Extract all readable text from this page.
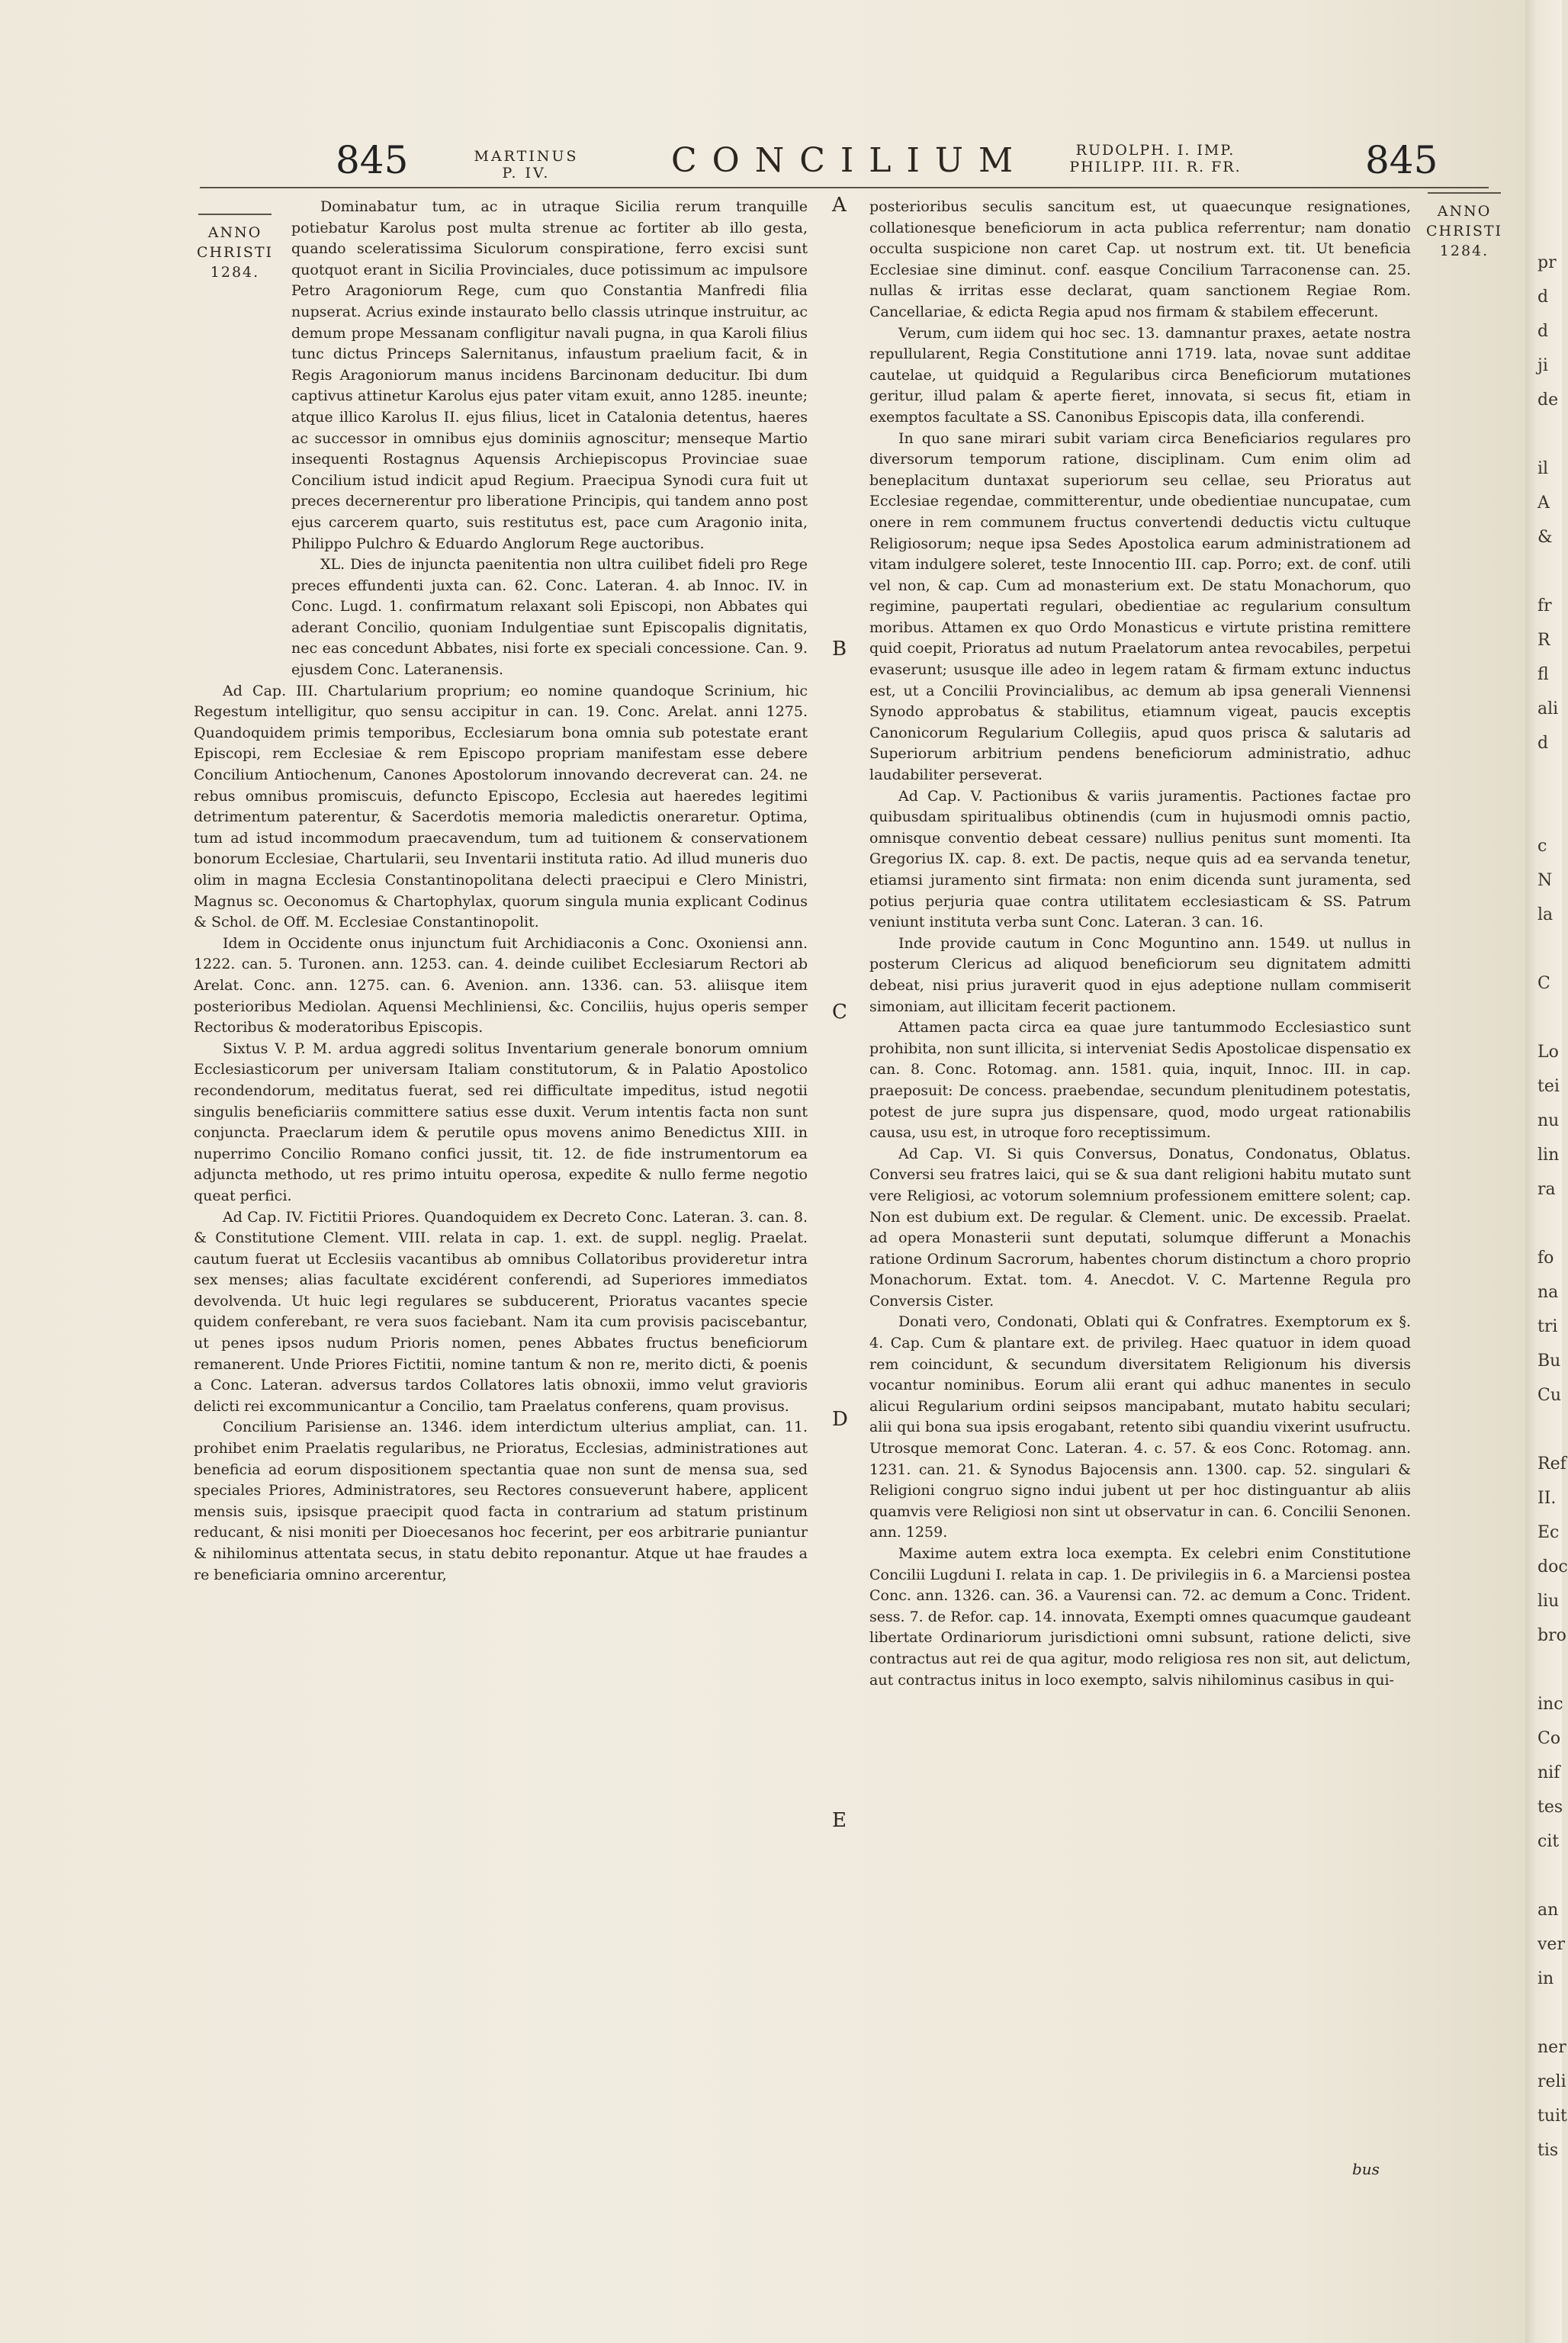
845	MARTINUS
P. IV.	CONCILIUM	RUDOLPH. I. IMP.
PHILIPP. III. R. FR.	845
ANNO
CHRISTI
1284.
ANNO
CHRISTI
1284.

Dominabatur tum, ac in utraque Sicilia rerum tranquille potiebatur Karolus post multa strenue ac fortiter ab illo gesta, quando sceleratissima Siculorum conspiratione, ferro excisi sunt quotquot erant in Sicilia Provinciales, duce potissimum ac impulsore Petro Aragoniorum Rege, cum quo Constantia Manfredi filia nupserat. Acrius exinde instaurato bello classis utrinque instruitur, ac demum prope Messanam confligitur navali pugna, in qua Karoli filius tunc dictus Princeps Salernitanus, infaustum praelium facit, & in Regis Aragoniorum manus incidens Barcinonam deducitur. Ibi dum captivus attinetur Karolus ejus pater vitam exuit, anno 1285. ineunte; atque illico Karolus II. ejus filius, licet in Catalonia detentus, haeres ac successor in omnibus ejus dominiis agnoscitur; menseque Martio insequenti Rostagnus Aquensis Archiepiscopus Provinciae suae Concilium istud indicit apud Regium. Praecipua Synodi cura fuit ut preces decernerentur pro liberatione Principis, qui tandem anno post ejus carcerem quarto, suis restitutus est, pace cum Aragonio inita, Philippo Pulchro & Eduardo Anglorum Rege auctoribus.

XL. Dies de injuncta paenitentia non ultra cuilibet fideli pro Rege preces effundenti juxta can. 62. Conc. Lateran. 4. ab Innoc. IV. in Conc. Lugd. 1. confirmatum relaxant soli Episcopi, non Abbates qui aderant Concilio, quoniam Indulgentiae sunt Episcopalis dignitatis, nec eas concedunt Abbates, nisi forte ex speciali concessione. Can. 9. ejusdem Conc. Lateranensis.

Ad Cap. III. Chartularium proprium; eo nomine quandoque Scrinium, hic Regestum intelligitur, quo sensu accipitur in can. 19. Conc. Arelat. anni 1275. Quandoquidem primis temporibus, Ecclesiarum bona omnia sub potestate erant Episcopi, rem Ecclesiae & rem Episcopo propriam manifestam esse debere Concilium Antiochenum, Canones Apostolorum innovando decreverat can. 24. ne rebus omnibus promiscuis, defuncto Episcopo, Ecclesia aut haeredes legitimi detrimentum paterentur, & Sacerdotis memoria maledictis oneraretur. Optima, tum ad istud incommodum praecavendum, tum ad tuitionem & conservationem bonorum Ecclesiae, Chartularii, seu Inventarii instituta ratio. Ad illud muneris duo olim in magna Ecclesia Constantinopolitana delecti praecipui e Clero Ministri, Magnus sc. Oeconomus & Chartophylax, quorum singula munia explicant Codinus & Schol. de Off. M. Ecclesiae Constantinopolit.

Idem in Occidente onus injunctum fuit Archidiaconis a Conc. Oxoniensi ann. 1222. can. 5. Turonen. ann. 1253. can. 4. deinde cuilibet Ecclesiarum Rectori ab Arelat. Conc. ann. 1275. can. 6. Avenion. ann. 1336. can. 53. aliisque item posterioribus Mediolan. Aquensi Mechliniensi, &c. Conciliis, hujus operis semper Rectoribus & moderatoribus Episcopis.

Sixtus V. P. M. ardua aggredi solitus Inventarium generale bonorum omnium Ecclesiasticorum per universam Italiam constitutorum, & in Palatio Apostolico recondendorum, meditatus fuerat, sed rei difficultate impeditus, istud negotii singulis beneficiariis committere satius esse duxit. Verum intentis facta non sunt conjuncta. Praeclarum idem & perutile opus movens animo Benedictus XIII. in nuperrimo Concilio Romano confici jussit, tit. 12. de fide instrumentorum ea adjuncta methodo, ut res primo intuitu operosa, expedite & nullo ferme negotio queat perfici.

Ad Cap. IV. Fictitii Priores. Quandoquidem ex Decreto Conc. Lateran. 3. can. 8. & Constitutione Clement. VIII. relata in cap. 1. ext. de suppl. neglig. Praelat. cautum fuerat ut Ecclesiis vacantibus ab omnibus Collatoribus provideretur intra sex menses; alias facultate excidérent conferendi, ad Superiores immediatos devolvenda. Ut huic legi regulares se subducerent, Prioratus vacantes specie quidem conferebant, re vera suos faciebant. Nam ita cum provisis paciscebantur, ut penes ipsos nudum Prioris nomen, penes Abbates fructus beneficiorum remanerent. Unde Priores Fictitii, nomine tantum & non re, merito dicti, & poenis a Conc. Lateran. adversus tardos Collatores latis obnoxii, immo velut gravioris delicti rei excommunicantur a Concilio, tam Praelatus conferens, quam provisus.

Concilium Parisiense an. 1346. idem interdictum ulterius ampliat, can. 11. prohibet enim Praelatis regularibus, ne Prioratus, Ecclesias, administrationes aut beneficia ad eorum dispositionem spectantia quae non sunt de mensa sua, sed speciales Priores, Administratores, seu Rectores consueverunt habere, applicent mensis suis, ipsisque praecipit quod facta in contrarium ad statum pristinum reducant, & nisi moniti per Dioecesanos hoc fecerint, per eos arbitrarie puniantur & nihilominus attentata secus, in statu debito reponantur. Atque ut hae fraudes a re beneficiaria omnino arcerentur,

A
B
C
D
E

posterioribus seculis sancitum est, ut quaecunque resignationes, collationesque beneficiorum in acta publica referrentur; nam donatio occulta suspicione non caret Cap. ut nostrum ext. tit. Ut beneficia Ecclesiae sine diminut. conf. easque Concilium Tarraconense can. 25. nullas & irritas esse declarat, quam sanctionem Regiae Rom. Cancellariae, & edicta Regia apud nos firmam & stabilem effecerunt.

Verum, cum iidem qui hoc sec. 13. damnantur praxes, aetate nostra repullularent, Regia Constitutione anni 1719. lata, novae sunt additae cautelae, ut quidquid a Regularibus circa Beneficiorum mutationes geritur, illud palam & aperte fieret, innovata, si secus fit, etiam in exemptos facultate a SS. Canonibus Episcopis data, illa conferendi.

In quo sane mirari subit variam circa Beneficiarios regulares pro diversorum temporum ratione, disciplinam. Cum enim olim ad beneplacitum duntaxat superiorum seu cellae, seu Prioratus aut Ecclesiae regendae, committerentur, unde obedientiae nuncupatae, cum onere in rem communem fructus convertendi deductis victu cultuque Religiosorum; neque ipsa Sedes Apostolica earum administrationem ad vitam indulgere soleret, teste Innocentio III. cap. Porro; ext. de conf. utili vel non, & cap. Cum ad monasterium ext. De statu Monachorum, quo regimine, paupertati regulari, obedientiae ac regularium consultum moribus. Attamen ex quo Ordo Monasticus e virtute pristina remittere quid coepit, Prioratus ad nutum Praelatorum antea revocabiles, perpetui evaserunt; ususque ille adeo in legem ratam & firmam extunc inductus est, ut a Concilii Provincialibus, ac demum ab ipsa generali Viennensi Synodo approbatus & stabilitus, etiamnum vigeat, paucis exceptis Canonicorum Regularium Collegiis, apud quos prisca & salutaris ad Superiorum arbitrium pendens beneficiorum administratio, adhuc laudabiliter perseverat.

Ad Cap. V. Pactionibus & variis juramentis. Pactiones factae pro quibusdam spiritualibus obtinendis (cum in hujusmodi omnis pactio, omnisque conventio debeat cessare) nullius penitus sunt momenti. Ita Gregorius IX. cap. 8. ext. De pactis, neque quis ad ea servanda tenetur, etiamsi juramento sint firmata: non enim dicenda sunt juramenta, sed potius perjuria quae contra utilitatem ecclesiasticam & SS. Patrum veniunt instituta verba sunt Conc. Lateran. 3 can. 16.

Inde provide cautum in Conc Moguntino ann. 1549. ut nullus in posterum Clericus ad aliquod beneficiorum seu dignitatem admitti debeat, nisi prius juraverit quod in ejus adeptione nullam commiserit simoniam, aut illicitam fecerit pactionem.

Attamen pacta circa ea quae jure tantummodo Ecclesiastico sunt prohibita, non sunt illicita, si interveniat Sedis Apostolicae dispensatio ex can. 8. Conc. Rotomag. ann. 1581. quia, inquit, Innoc. III. in cap. praeposuit: De concess. praebendae, secundum plenitudinem potestatis, potest de jure supra jus dispensare, quod, modo urgeat rationabilis causa, usu est, in utroque foro receptissimum.

Ad Cap. VI. Si quis Conversus, Donatus, Condonatus, Oblatus. Conversi seu fratres laici, qui se & sua dant religioni habitu mutato sunt vere Religiosi, ac votorum solemnium professionem emittere solent; cap. Non est dubium ext. De regular. & Clement. unic. De excessib. Praelat. ad opera Monasterii sunt deputati, solumque differunt a Monachis ratione Ordinum Sacrorum, habentes chorum distinctum a choro proprio Monachorum. Extat. tom. 4. Anecdot. V. C. Martenne Regula pro Conversis Cister.

Donati vero, Condonati, Oblati qui & Confratres. Exemptorum ex §. 4. Cap. Cum & plantare ext. de privileg. Haec quatuor in idem quoad rem coincidunt, & secundum diversitatem Religionum his diversis vocantur nominibus. Eorum alii erant qui adhuc manentes in seculo alicui Regularium ordini seipsos mancipabant, mutato habitu seculari; alii qui bona sua ipsis erogabant, retento sibi quandiu vixerint usufructu. Utrosque memorat Conc. Lateran. 4. c. 57. & eos Conc. Rotomag. ann. 1231. can. 21. & Synodus Bajocensis ann. 1300. cap. 52. singulari & Religioni congruo signo indui jubent ut per hoc distinguantur ab aliis quamvis vere Religiosi non sint ut observatur in can. 6. Concilii Senonen. ann. 1259.

Maxime autem extra loca exempta. Ex celebri enim Constitutione Concilii Lugduni I. relata in cap. 1. De privilegiis in 6. a Marciensi postea Conc. ann. 1326. can. 36. a Vaurensi can. 72. ac demum a Conc. Trident. sess. 7. de Refor. cap. 14. innovata, Exempti omnes quacumque gaudeant libertate Ordinariorum jurisdictioni omni subsunt, ratione delicti, sive contractus aut rei de qua agitur, modo religiosa res non sit, aut delictum, aut contractus initus in loco exempto, salvis nihilominus casibus in qui-

bus
pr
d
d
ji
de
il
A
&
fr
R
fl
ali
d
c
N
la
C
Lo
tei
nu
lin
ra
fo
na
tri
Bu
Cu
Ref
II.
Ec
doc
liu
bro
inc
Co
nif
tes
cit
an
ver
in
ner
reli
tuit
tis
